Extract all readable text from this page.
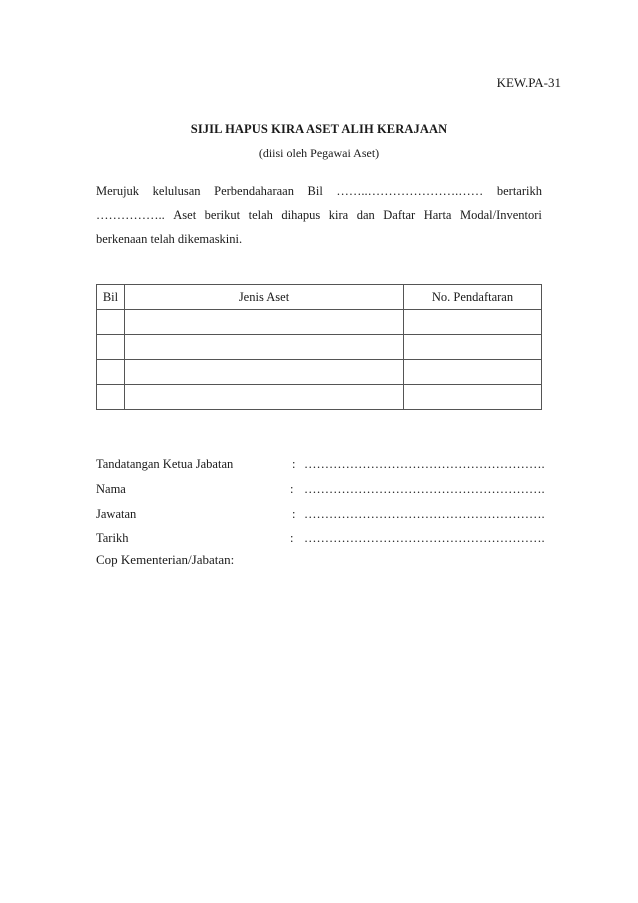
KEW.PA-31
SIJIL HAPUS KIRA ASET ALIH KERAJAAN
(diisi oleh Pegawai Aset)
Merujuk kelulusan Perbendaharaan Bil ……..………………….…… bertarikh
…………….. Aset berikut telah dihapus kira dan Daftar Harta Modal/Inventori
berkenaan telah dikemaskini.
Bil	Jenis Aset	No. Pendaftaran

Tandatangan Ketua Jabatan	: ………………………………………………….
Nama	: ………………………………………………….
Jawatan	: ………………………………………………….
Tarikh	: ………………………………………………….
Cop Kementerian/Jabatan:
